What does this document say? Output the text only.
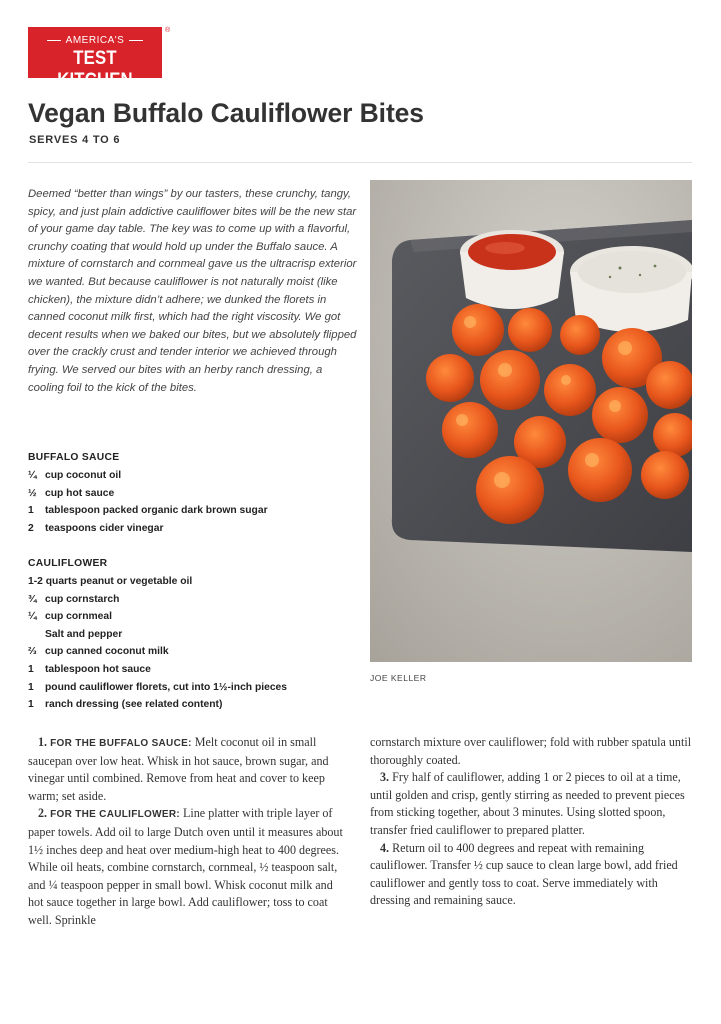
AMERICA'S
TEST KITCHEN
®
Vegan Buffalo Cauliflower Bites
SERVES 4 TO 6

Deemed “better than wings” by our tasters, these crunchy, tangy, spicy, and just plain addictive cauliflower bites will be the new star of your game day table. The key was to come up with a flavorful, crunchy coating that would hold up under the Buffalo sauce. A mixture of cornstarch and cornmeal gave us the ultracrisp exterior we wanted. But because cauliflower is not naturally moist (like chicken), the mixture didn’t adhere; we dunked the florets in canned coconut milk first, which had the right viscosity. We got decent results when we baked our bites, but we absolutely flipped over the crackly crust and tender interior we achieved through frying. We served our bites with an herby ranch dressing, a cooling foil to the kick of the bites.

JOE KELLER
BUFFALO SAUCE
¼ cup coconut oil
½ cup hot sauce
1 tablespoon packed organic dark brown sugar
2 teaspoons cider vinegar
CAULIFLOWER
1-2 quarts peanut or vegetable oil
¾ cup cornstarch
¼ cup cornmeal
Salt and pepper
⅔ cup canned coconut milk
1 tablespoon hot sauce
1 pound cauliflower florets, cut into 1½-inch pieces
1 ranch dressing (see related content)

1. FOR THE BUFFALO SAUCE: Melt coconut oil in small saucepan over low heat. Whisk in hot sauce, brown sugar, and vinegar until combined. Remove from heat and cover to keep warm; set aside.

2. FOR THE CAULIFLOWER: Line platter with triple layer of paper towels. Add oil to large Dutch oven until it measures about 1½ inches deep and heat over medium-high heat to 400 degrees. While oil heats, combine cornstarch, cornmeal, ½ teaspoon salt, and ¼ teaspoon pepper in small bowl. Whisk coconut milk and hot sauce together in large bowl. Add cauliflower; toss to coat well. Sprinkle

cornstarch mixture over cauliflower; fold with rubber spatula until thoroughly coated.

3. Fry half of cauliflower, adding 1 or 2 pieces to oil at a time, until golden and crisp, gently stirring as needed to prevent pieces from sticking together, about 3 minutes. Using slotted spoon, transfer fried cauliflower to prepared platter.

4. Return oil to 400 degrees and repeat with remaining cauliflower. Transfer ½ cup sauce to clean large bowl, add fried cauliflower and gently toss to coat. Serve immediately with dressing and remaining sauce.
